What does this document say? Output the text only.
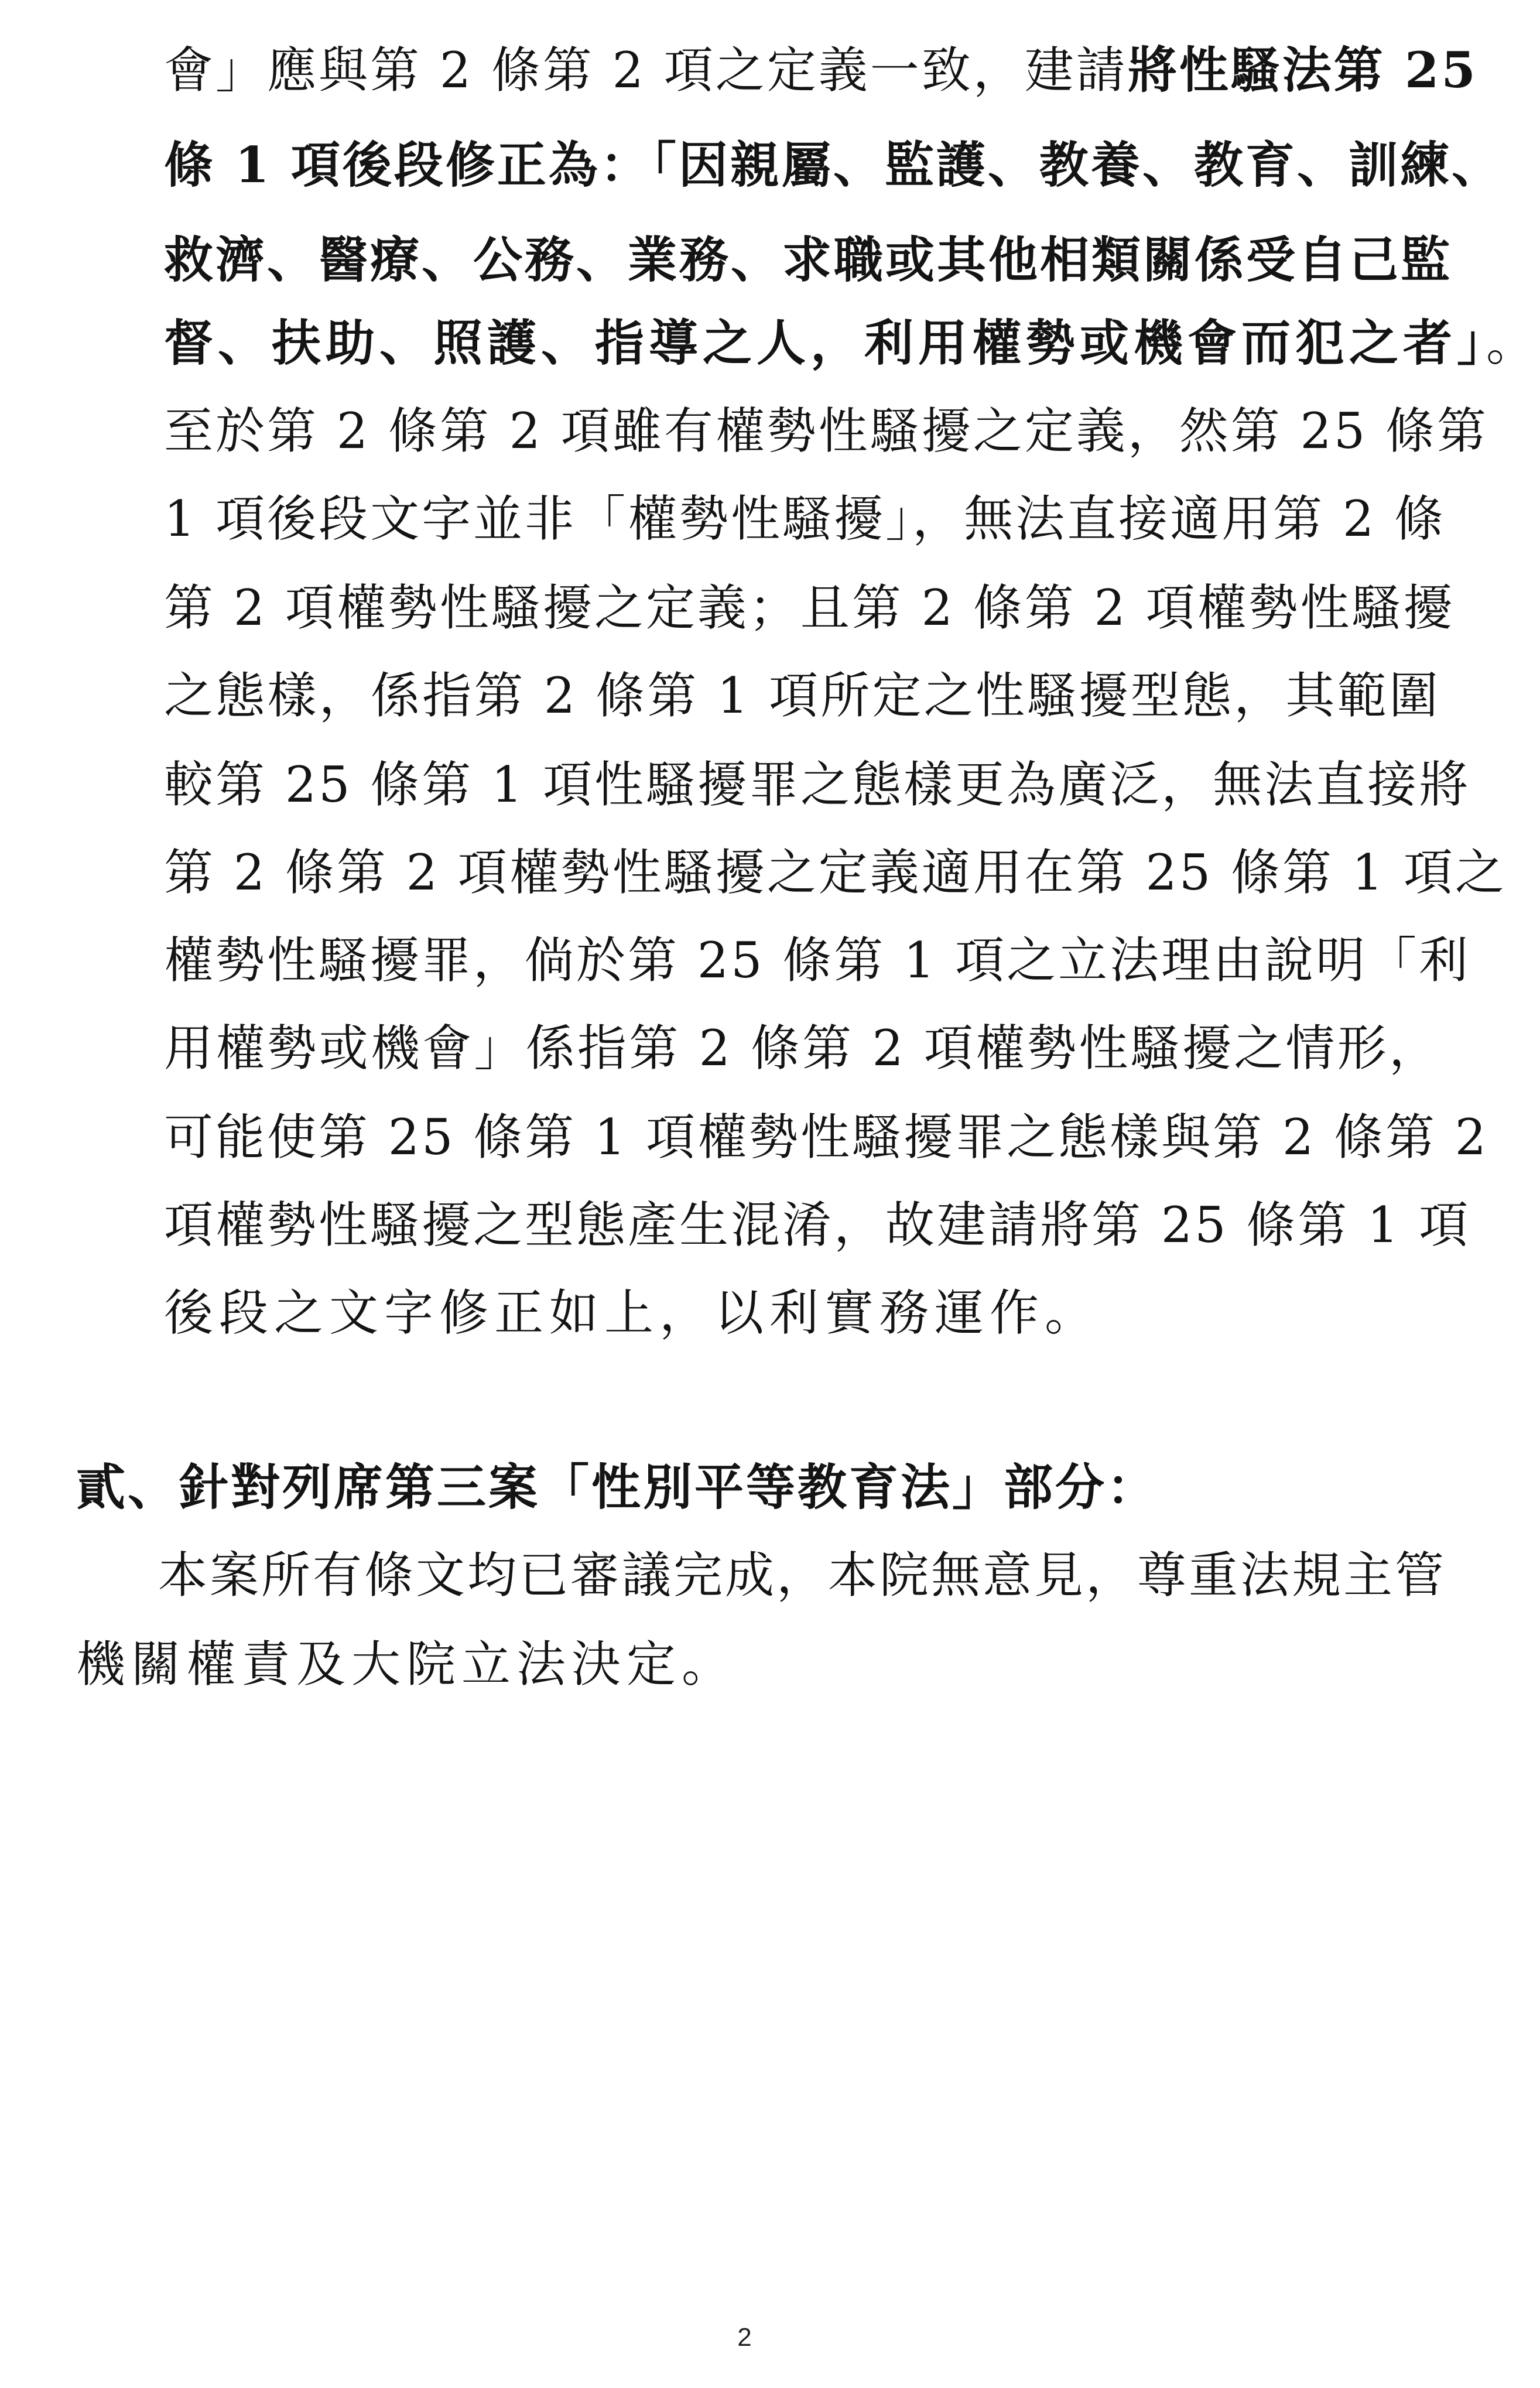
會」應與第 2 條第 2 項之定義一致，建請將性騷法第 25
條 1 項後段修正為：「因親屬、監護、教養、教育、訓練、
救濟、醫療、公務、業務、求職或其他相類關係受自己監
督、扶助、照護、指導之人，利用權勢或機會而犯之者」。
至於第 2 條第 2 項雖有權勢性騷擾之定義，然第 25 條第
1 項後段文字並非「權勢性騷擾」，無法直接適用第 2 條
第 2 項權勢性騷擾之定義；且第 2 條第 2 項權勢性騷擾
之態樣，係指第 2 條第 1 項所定之性騷擾型態，其範圍
較第 25 條第 1 項性騷擾罪之態樣更為廣泛，無法直接將
第 2 條第 2 項權勢性騷擾之定義適用在第 25 條第 1 項之
權勢性騷擾罪，倘於第 25 條第 1 項之立法理由說明「利
用權勢或機會」係指第 2 條第 2 項權勢性騷擾之情形，
可能使第 25 條第 1 項權勢性騷擾罪之態樣與第 2 條第 2
項權勢性騷擾之型態產生混淆，故建請將第 25 條第 1 項
後段之文字修正如上，以利實務運作。
貳、針對列席第三案「性別平等教育法」部分：
本案所有條文均已審議完成，本院無意見，尊重法規主管
機關權責及大院立法決定。
2
